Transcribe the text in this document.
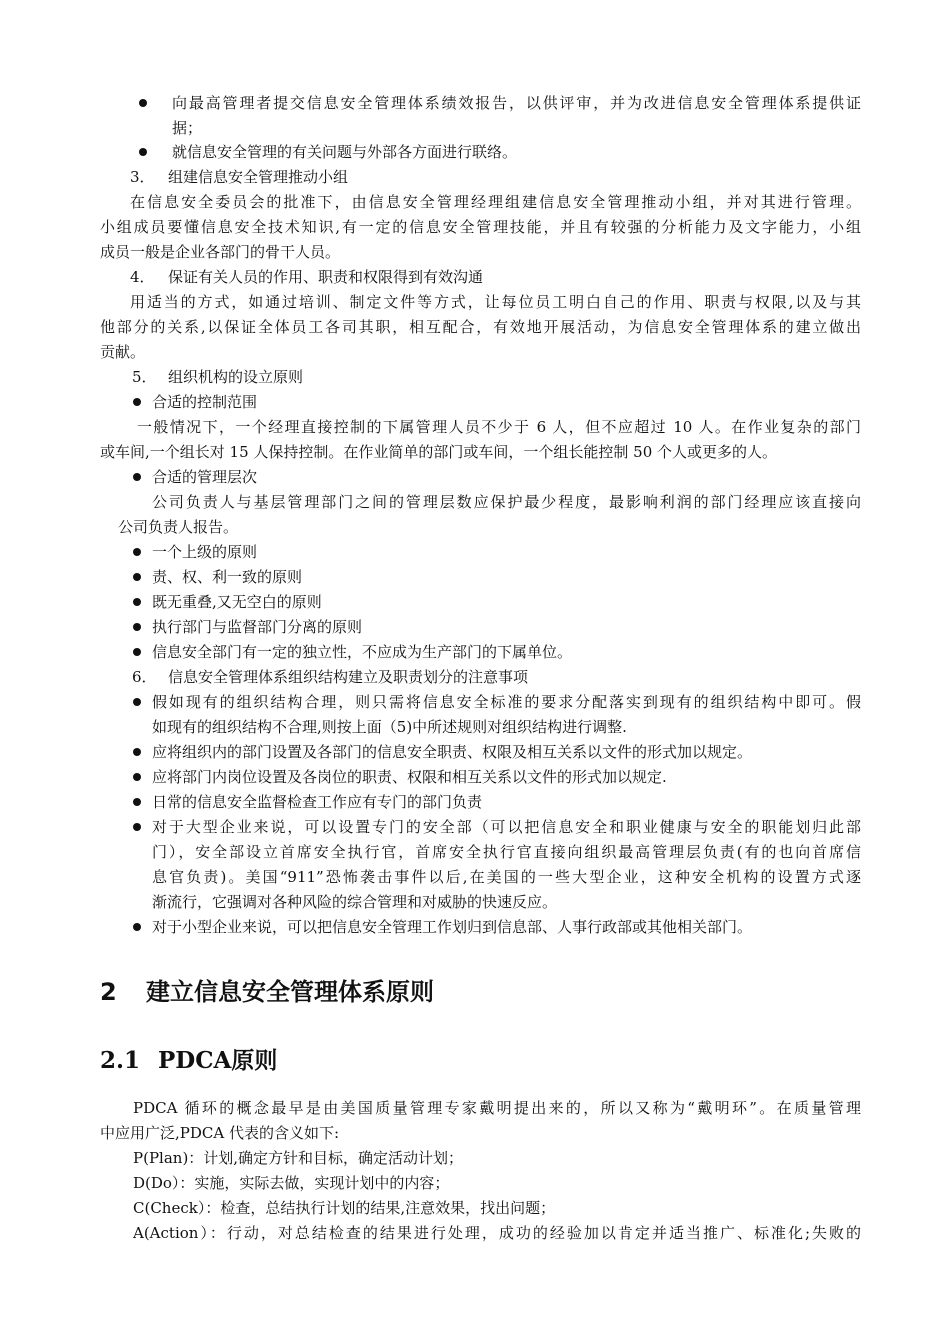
向最高管理者提交信息安全管理体系绩效报告，以供评审，并为改进信息安全管理体系提供证
据；
就信息安全管理的有关问题与外部各方面进行联络。
3． 组建信息安全管理推动小组
在信息安全委员会的批准下，由信息安全管理经理组建信息安全管理推动小组，并对其进行管理。
小组成员要懂信息安全技术知识,有一定的信息安全管理技能，并且有较强的分析能力及文字能力，小组
成员一般是企业各部门的骨干人员。
4． 保证有关人员的作用、职责和权限得到有效沟通
用适当的方式，如通过培训、制定文件等方式，让每位员工明白自己的作用、职责与权限,以及与其
他部分的关系,以保证全体员工各司其职，相互配合，有效地开展活动，为信息安全管理体系的建立做出
贡献。
5． 组织机构的设立原则
合适的控制范围
一般情况下，一个经理直接控制的下属管理人员不少于 6 人，但不应超过 10 人。在作业复杂的部门
或车间,一个组长对 15 人保持控制。在作业简单的部门或车间，一个组长能控制 50 个人或更多的人。
合适的管理层次
公司负责人与基层管理部门之间的管理层数应保护最少程度，最影响利润的部门经理应该直接向
公司负责人报告。
一个上级的原则
责、权、利一致的原则
既无重叠,又无空白的原则
执行部门与监督部门分离的原则
信息安全部门有一定的独立性，不应成为生产部门的下属单位。
6． 信息安全管理体系组织结构建立及职责划分的注意事项
假如现有的组织结构合理，则只需将信息安全标准的要求分配落实到现有的组织结构中即可。假
如现有的组织结构不合理,则按上面（5)中所述规则对组织结构进行调整.
应将组织内的部门设置及各部门的信息安全职责、权限及相互关系以文件的形式加以规定。
应将部门内岗位设置及各岗位的职责、权限和相互关系以文件的形式加以规定.
日常的信息安全监督检查工作应有专门的部门负责
对于大型企业来说，可以设置专门的安全部（可以把信息安全和职业健康与安全的职能划归此部
门），安全部设立首席安全执行官，首席安全执行官直接向组织最高管理层负责(有的也向首席信
息官负责)。美国“911”恐怖袭击事件以后,在美国的一些大型企业，这种安全机构的设置方式逐
渐流行，它强调对各种风险的综合管理和对威胁的快速反应。
对于小型企业来说，可以把信息安全管理工作划归到信息部、人事行政部或其他相关部门。
2 建立信息安全管理体系原则
2.1 PDCA原则
PDCA 循环的概念最早是由美国质量管理专家戴明提出来的，所以又称为“戴明环”。在质量管理
中应用广泛,PDCA 代表的含义如下:
P(Plan)：计划,确定方针和目标，确定活动计划；
D(Do）：实施，实际去做，实现计划中的内容；
C(Check）：检查，总结执行计划的结果,注意效果，找出问题；
A(Action）：行动，对总结检查的结果进行处理，成功的经验加以肯定并适当推广、标准化;失败的
